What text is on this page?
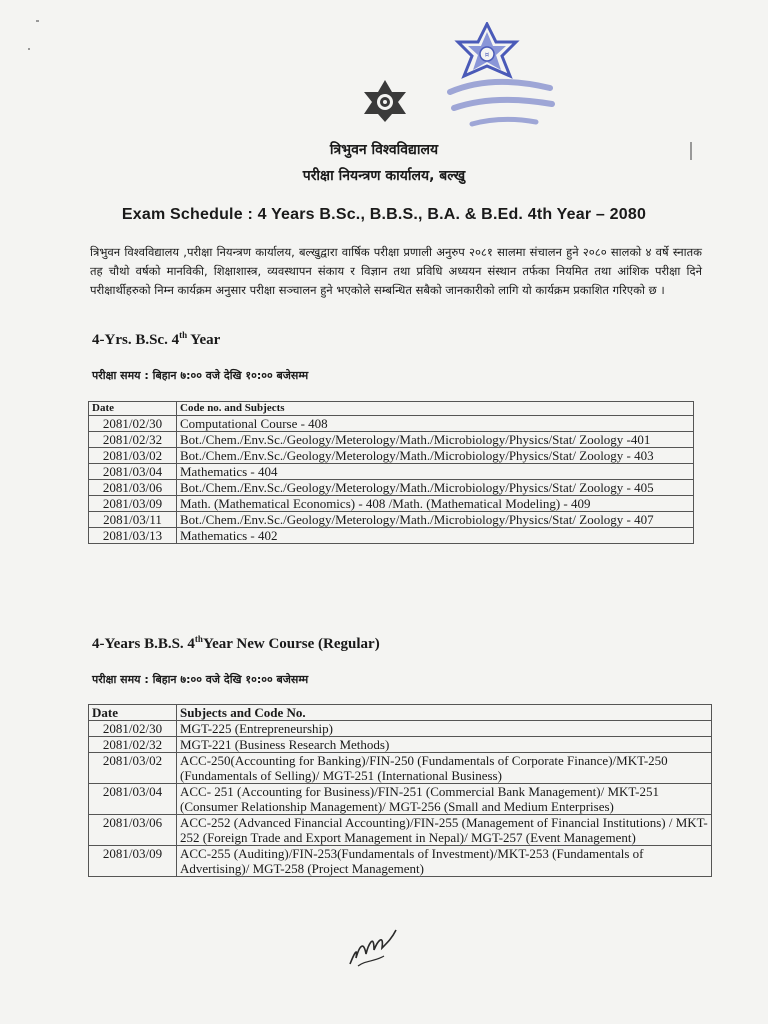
¤
त्रिभुवन विश्वविद्यालय
परीक्षा नियन्त्रण कार्यालय, बल्खु
Exam Schedule : 4 Years B.Sc., B.B.S., B.A. & B.Ed. 4th Year – 2080
त्रिभुवन विश्वविद्यालय ,परीक्षा नियन्त्रण कार्यालय, बल्खुद्वारा वार्षिक परीक्षा प्रणाली अनुरुप २०८१ सालमा संचालन हुने २०८० सालको ४ वर्षे स्नातक तह चौथो वर्षको मानविकी, शिक्षाशास्त्र, व्यवस्थापन संकाय र विज्ञान तथा प्रविधि अध्ययन संस्थान तर्फका नियमित तथा आंशिक परीक्षा दिने परीक्षार्थीहरुको निम्न कार्यक्रम अनुसार परीक्षा सञ्चालन हुने भएकोले सम्बन्धित सबैको जानकारीको लागि यो कार्यक्रम प्रकाशित गरिएको छ ।
4-Yrs. B.Sc. 4th Year
परीक्षा समय : बिहान ७:०० वजे देखि १०:०० बजेसम्म
Date	Code no. and Subjects
2081/02/30	Computational Course - 408
2081/02/32	Bot./Chem./Env.Sc./Geology/Meterology/Math./Microbiology/Physics/Stat/ Zoology -401
2081/03/02	Bot./Chem./Env.Sc./Geology/Meterology/Math./Microbiology/Physics/Stat/ Zoology - 403
2081/03/04	Mathematics - 404
2081/03/06	Bot./Chem./Env.Sc./Geology/Meterology/Math./Microbiology/Physics/Stat/ Zoology - 405
2081/03/09	Math. (Mathematical Economics) - 408 /Math. (Mathematical Modeling) - 409
2081/03/11	Bot./Chem./Env.Sc./Geology/Meterology/Math./Microbiology/Physics/Stat/ Zoology - 407
2081/03/13	Mathematics - 402
4-Years B.B.S. 4thYear New Course (Regular)
परीक्षा समय : बिहान ७:०० वजे देखि १०:०० बजेसम्म
Date	Subjects and Code No.
2081/02/30	MGT-225 (Entrepreneurship)
2081/02/32	MGT-221 (Business Research Methods)
2081/03/02	ACC-250(Accounting for Banking)/FIN-250 (Fundamentals of Corporate Finance)/MKT-250 (Fundamentals of Selling)/ MGT-251 (International Business)
2081/03/04	ACC- 251 (Accounting for Business)/FIN-251 (Commercial Bank Management)/ MKT-251 (Consumer Relationship Management)/ MGT-256 (Small and Medium Enterprises)
2081/03/06	ACC-252 (Advanced Financial Accounting)/FIN-255 (Management of Financial Institutions) / MKT-252 (Foreign Trade and Export Management in Nepal)/ MGT-257 (Event Management)
2081/03/09	ACC-255 (Auditing)/FIN-253(Fundamentals of Investment)/MKT-253 (Fundamentals of Advertising)/ MGT-258 (Project Management)
